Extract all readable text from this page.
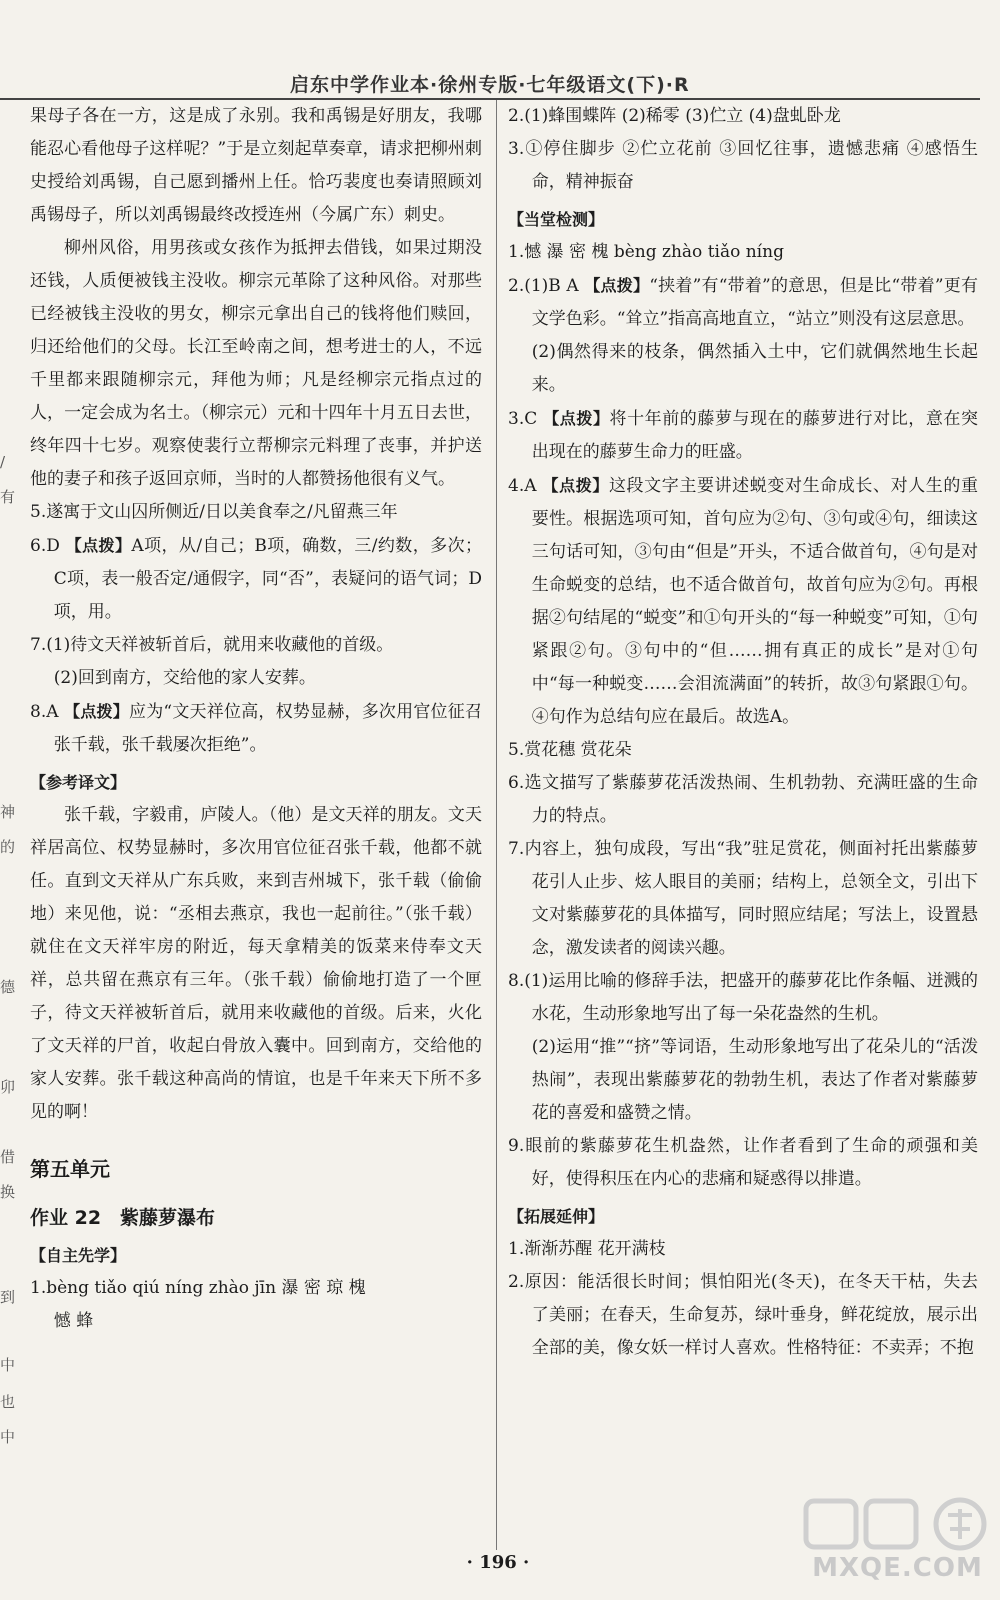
启东中学作业本·徐州专版·七年级语文(下)·R
/
有
神
的
德
卯
借
换
到
中
也
中

果母子各在一方，这是成了永别。我和禹锡是好朋友，我哪能忍心看他母子这样呢？”于是立刻起草奏章，请求把柳州刺史授给刘禹锡，自己愿到播州上任。恰巧裴度也奏请照顾刘禹锡母子，所以刘禹锡最终改授连州（今属广东）刺史。

柳州风俗，用男孩或女孩作为抵押去借钱，如果过期没还钱，人质便被钱主没收。柳宗元革除了这种风俗。对那些已经被钱主没收的男女，柳宗元拿出自己的钱将他们赎回，归还给他们的父母。长江至岭南之间，想考进士的人，不远千里都来跟随柳宗元，拜他为师；凡是经柳宗元指点过的人，一定会成为名士。（柳宗元）元和十四年十月五日去世，终年四十七岁。观察使裴行立帮柳宗元料理了丧事，并护送他的妻子和孩子返回京师，当时的人都赞扬他很有义气。

5.遂寓于文山囚所侧近/日以美食奉之/凡留燕三年

6.D 【点拨】A项，从/自己；B项，确数，三/约数，多次；C项，表一般否定/通假字，同“否”，表疑问的语气词；D项，用。

7.(1)待文天祥被斩首后，就用来收藏他的首级。

(2)回到南方，交给他的家人安葬。

8.A 【点拨】应为“文天祥位高，权势显赫，多次用官位征召张千载，张千载屡次拒绝”。

【参考译文】

张千载，字毅甫，庐陵人。（他）是文天祥的朋友。文天祥居高位、权势显赫时，多次用官位征召张千载，他都不就任。直到文天祥从广东兵败，来到吉州城下，张千载（偷偷地）来见他，说：“丞相去燕京，我也一起前往。”（张千载）就住在文天祥牢房的附近，每天拿精美的饭菜来侍奉文天祥，总共留在燕京有三年。（张千载）偷偷地打造了一个匣子，待文天祥被斩首后，就用来收藏他的首级。后来，火化了文天祥的尸首，收起白骨放入囊中。回到南方，交给他的家人安葬。张千载这种高尚的情谊，也是千年来天下所不多见的啊！

第五单元

作业 22　紫藤萝瀑布

【自主先学】

1.bèng tiǎo qiú níng zhào jīn 瀑 密 琼 槐

憾 蜂

2.(1)蜂围蝶阵 (2)稀零 (3)伫立 (4)盘虬卧龙

3.①停住脚步 ②伫立花前 ③回忆往事，遗憾悲痛 ④感悟生命，精神振奋

【当堂检测】

1.憾 瀑 密 槐 bèng zhào tiǎo níng

2.(1)B A 【点拨】“挟着”有“带着”的意思，但是比“带着”更有文学色彩。“耸立”指高高地直立，“站立”则没有这层意思。

(2)偶然得来的枝条，偶然插入土中，它们就偶然地生长起来。

3.C 【点拨】将十年前的藤萝与现在的藤萝进行对比，意在突出现在的藤萝生命力的旺盛。

4.A 【点拨】这段文字主要讲述蜕变对生命成长、对人生的重要性。根据选项可知，首句应为②句、③句或④句，细读这三句话可知，③句由“但是”开头，不适合做首句，④句是对生命蜕变的总结，也不适合做首句，故首句应为②句。再根据②句结尾的“蜕变”和①句开头的“每一种蜕变”可知，①句紧跟②句。③句中的“但……拥有真正的成长”是对①句中“每一种蜕变……会泪流满面”的转折，故③句紧跟①句。④句作为总结句应在最后。故选A。

5.赏花穗 赏花朵

6.选文描写了紫藤萝花活泼热闹、生机勃勃、充满旺盛的生命力的特点。

7.内容上，独句成段，写出“我”驻足赏花，侧面衬托出紫藤萝花引人止步、炫人眼目的美丽；结构上，总领全文，引出下文对紫藤萝花的具体描写，同时照应结尾；写法上，设置悬念，激发读者的阅读兴趣。

8.(1)运用比喻的修辞手法，把盛开的藤萝花比作条幅、迸溅的水花，生动形象地写出了每一朵花盎然的生机。

(2)运用“推”“挤”等词语，生动形象地写出了花朵儿的“活泼热闹”，表现出紫藤萝花的勃勃生机，表达了作者对紫藤萝花的喜爱和盛赞之情。

9.眼前的紫藤萝花生机盎然，让作者看到了生命的顽强和美好，使得积压在内心的悲痛和疑惑得以排遣。

【拓展延伸】

1.渐渐苏醒 花开满枝

2.原因：能活很长时间；惧怕阳光(冬天)，在冬天干枯，失去了美丽；在春天，生命复苏，绿叶垂身，鲜花绽放，展示出全部的美，像女妖一样讨人喜欢。性格特征：不卖弄；不抱

· 196 ·	MXQE.COM
